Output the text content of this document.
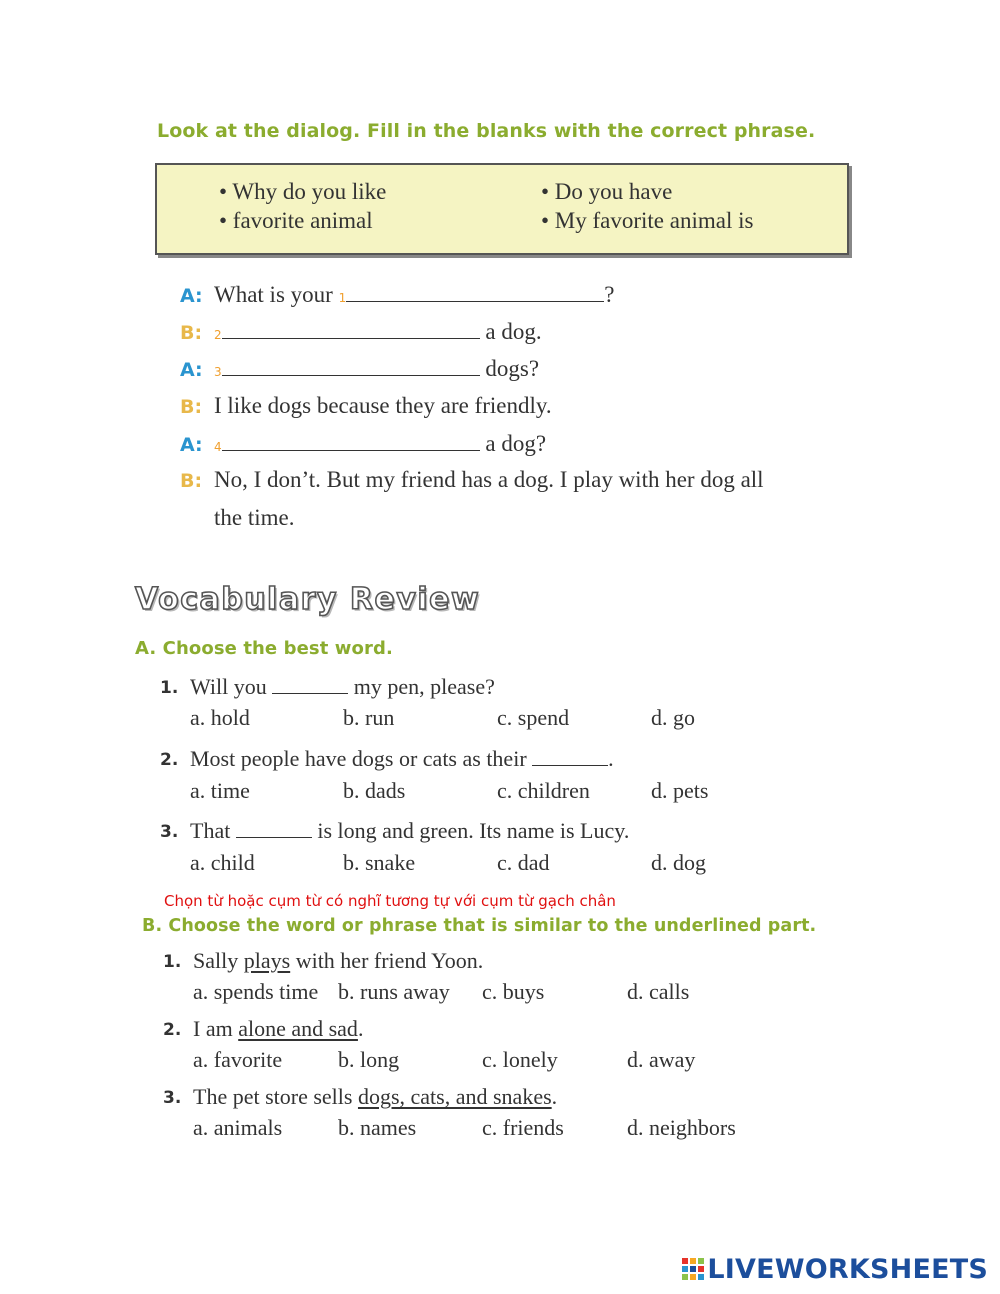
Look at the dialog. Fill in the blanks with the correct phrase.
• Why do you like
• favorite animal
• Do you have
• My favorite animal is
A: What is your 1	?
B: 2	a dog.
A: 3	dogs?
B: I like dogs because they are friendly.
A: 4	a dog?
B: No, I don’t. But my friend has a dog. I play with her dog all
the time.
Vocabulary Review
A. Choose the best word.
1. Will you	my pen, please?
a. hold	b. run	c. spend	d. go
2. Most people have dogs or cats as their	.
a. time	b. dads	c. children	d. pets
3. That	is long and green. Its name is Lucy.
a. child	b. snake	c. dad	d. dog
Chọn từ hoặc cụm từ có nghĩ tương tự với cụm từ gạch chân
B. Choose the word or phrase that is similar to the underlined part.
1. Sally plays with her friend Yoon.
a. spends time b. runs away c. buys	d. calls
2. I am alone and sad.
a. favorite	b. long	c. lonely	d. away
3. The pet store sells dogs, cats, and snakes.
a. animals	b. names	c. friends	d. neighbors
LIVEWORKSHEETS
